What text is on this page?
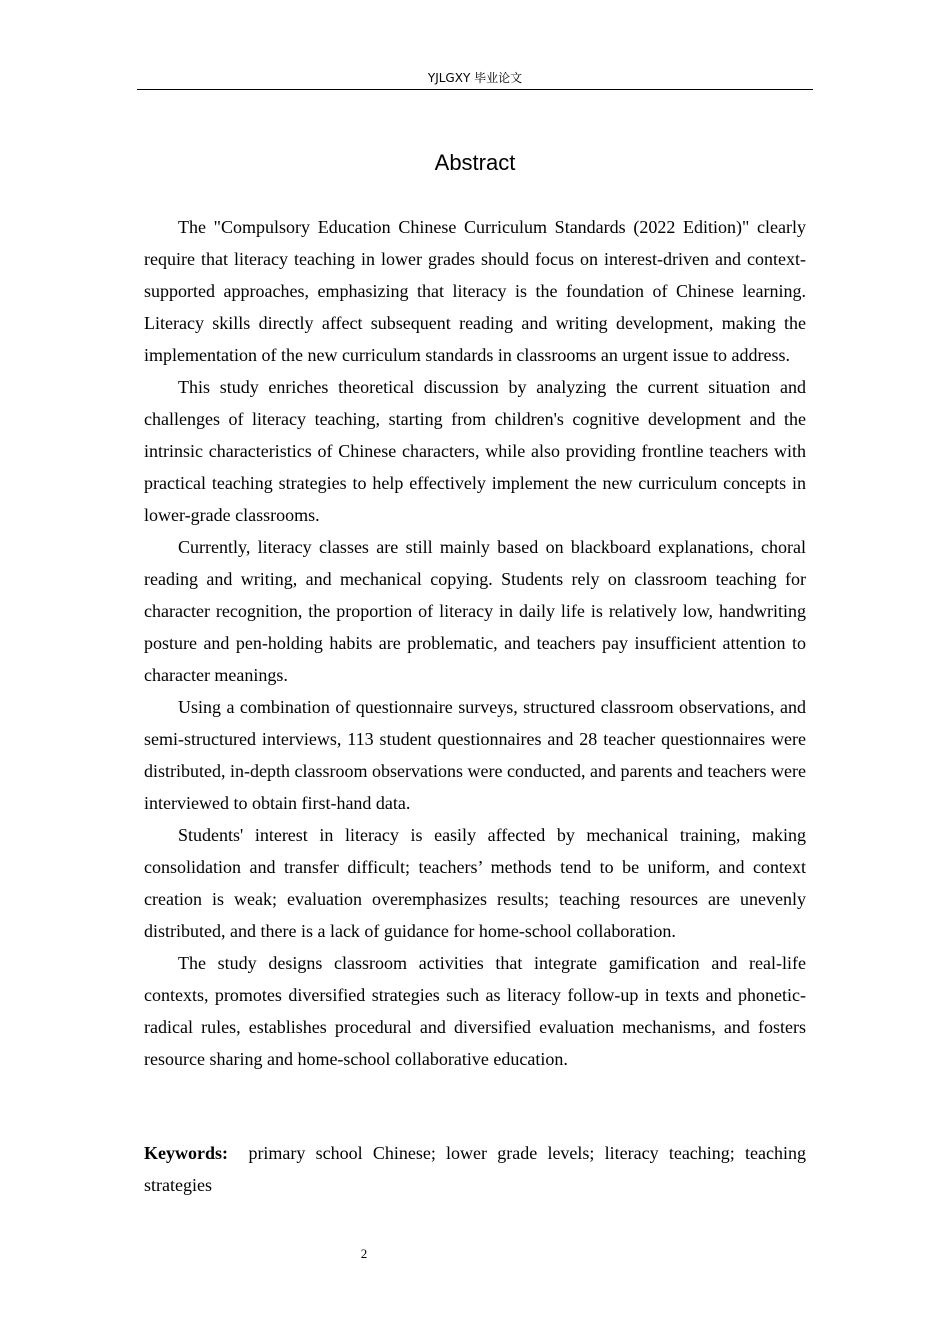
YJLGXY 毕业论文
Abstract

The "Compulsory Education Chinese Curriculum Standards (2022 Edition)" clearly require that literacy teaching in lower grades should focus on interest-driven and context-supported approaches, emphasizing that literacy is the foundation of Chinese learning. Literacy skills directly affect subsequent reading and writing development, making the implementation of the new curriculum standards in classrooms an urgent issue to address.

This study enriches theoretical discussion by analyzing the current situation and challenges of literacy teaching, starting from children's cognitive development and the intrinsic characteristics of Chinese characters, while also providing frontline teachers with practical teaching strategies to help effectively implement the new curriculum concepts in lower-grade classrooms.

Currently, literacy classes are still mainly based on blackboard explanations, choral reading and writing, and mechanical copying. Students rely on classroom teaching for character recognition, the proportion of literacy in daily life is relatively low, handwriting posture and pen-holding habits are problematic, and teachers pay insufficient attention to character meanings.

Using a combination of questionnaire surveys, structured classroom observations, and semi-structured interviews, 113 student questionnaires and 28 teacher questionnaires were distributed, in-depth classroom observations were conducted, and parents and teachers were interviewed to obtain first-hand data.

Students' interest in literacy is easily affected by mechanical training, making consolidation and transfer difficult; teachers’ methods tend to be uniform, and context creation is weak; evaluation overemphasizes results; teaching resources are unevenly distributed, and there is a lack of guidance for home-school collaboration.

The study designs classroom activities that integrate gamification and real-life contexts, promotes diversified strategies such as literacy follow-up in texts and phonetic-radical rules, establishes procedural and diversified evaluation mechanisms, and fosters resource sharing and home-school collaborative education.

Keywords: primary school Chinese; lower grade levels; literacy teaching; teaching strategies
2
